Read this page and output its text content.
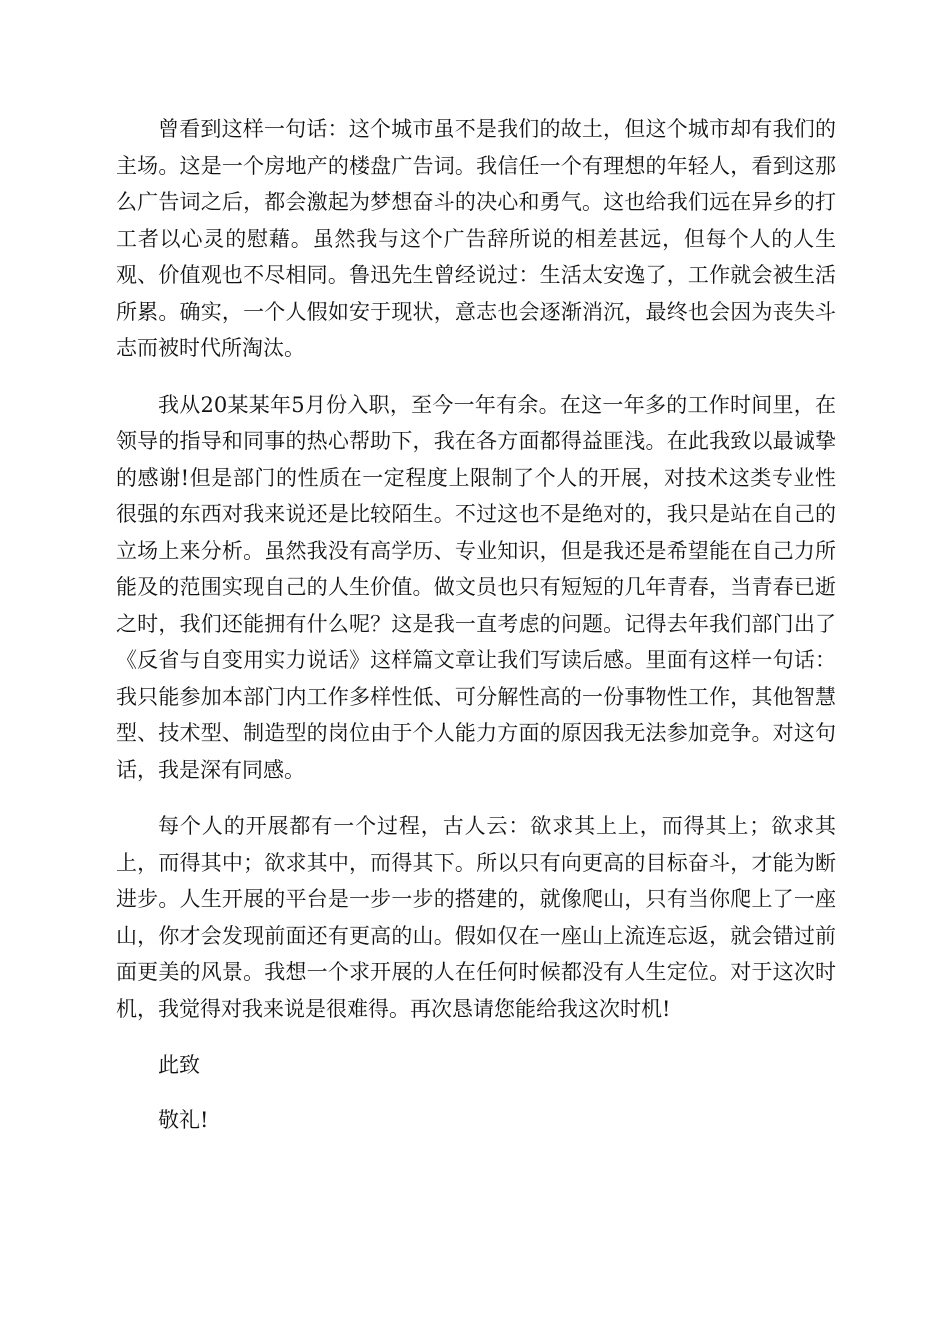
曾看到这样一句话：这个城市虽不是我们的故土，但这个城市却有我们的主场。这是一个房地产的楼盘广告词。我信任一个有理想的年轻人，看到这那么广告词之后，都会激起为梦想奋斗的决心和勇气。这也给我们远在异乡的打工者以心灵的慰藉。虽然我与这个广告辞所说的相差甚远，但每个人的人生观、价值观也不尽相同。鲁迅先生曾经说过：生活太安逸了，工作就会被生活所累。确实，一个人假如安于现状，意志也会逐渐消沉，最终也会因为丧失斗志而被时代所淘汰。

我从20某某年5月份入职，至今一年有余。在这一年多的工作时间里，在领导的指导和同事的热心帮助下，我在各方面都得益匪浅。在此我致以最诚挚的感谢!但是部门的性质在一定程度上限制了个人的开展，对技术这类专业性很强的东西对我来说还是比较陌生。不过这也不是绝对的，我只是站在自己的立场上来分析。虽然我没有高学历、专业知识，但是我还是希望能在自己力所能及的范围实现自己的人生价值。做文员也只有短短的几年青春，当青春已逝之时，我们还能拥有什么呢？这是我一直考虑的问题。记得去年我们部门出了《反省与自变用实力说话》这样篇文章让我们写读后感。里面有这样一句话：我只能参加本部门内工作多样性低、可分解性高的一份事物性工作，其他智慧型、技术型、制造型的岗位由于个人能力方面的原因我无法参加竞争。对这句话，我是深有同感。

每个人的开展都有一个过程，古人云：欲求其上上，而得其上；欲求其上，而得其中；欲求其中，而得其下。所以只有向更高的目标奋斗，才能为断进步。人生开展的平台是一步一步的搭建的，就像爬山，只有当你爬上了一座山，你才会发现前面还有更高的山。假如仅在一座山上流连忘返，就会错过前面更美的风景。我想一个求开展的人在任何时候都没有人生定位。对于这次时机，我觉得对我来说是很难得。再次恳请您能给我这次时机!

此致

敬礼!
